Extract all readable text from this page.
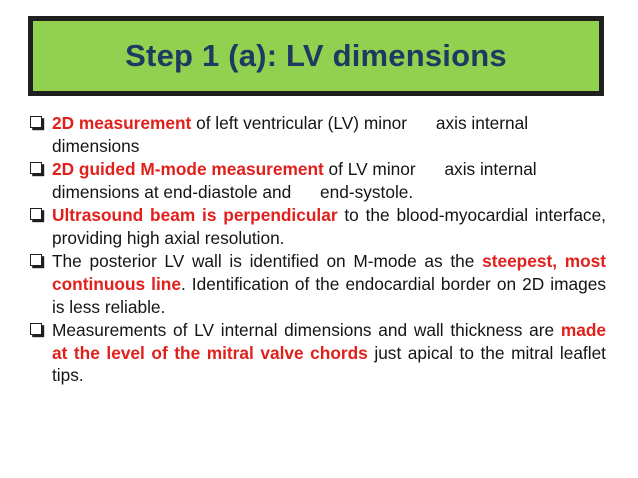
Step 1 (a): LV dimensions
2D measurement of left ventricular (LV) minor      axis internal dimensions
2D guided M-mode measurement of LV minor      axis internal dimensions at end-diastole and      end-systole.
Ultrasound beam is perpendicular to the blood-myocardial interface, providing high axial resolution.
The posterior LV wall is identified on M-mode as the steepest, most continuous line. Identification of the endocardial border on 2D images is less reliable.
Measurements of LV internal dimensions and wall thickness are made at the level of the mitral valve chords just apical to the mitral leaflet tips.
